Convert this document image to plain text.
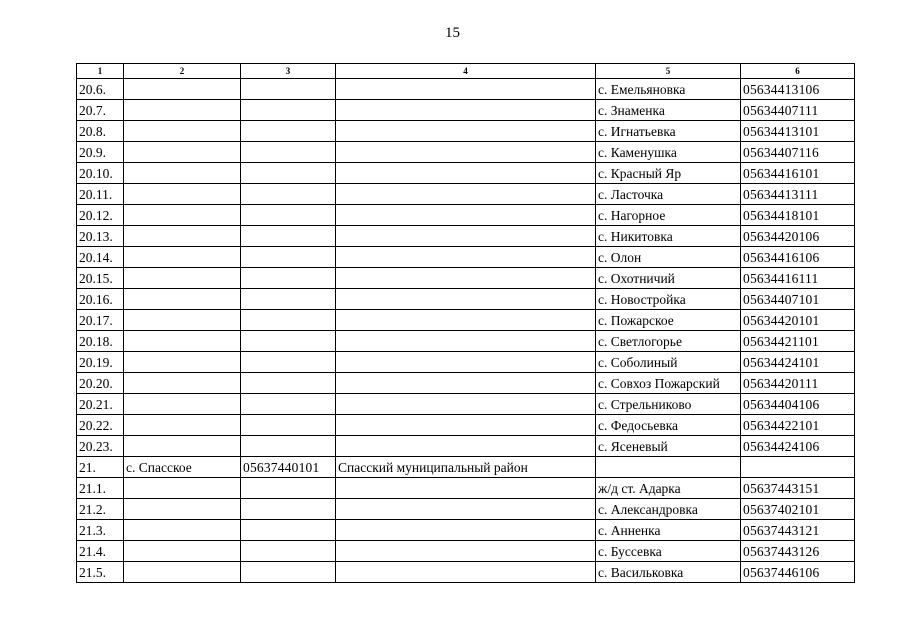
15
1	2	3	4	5	6
20.6.				с. Емельяновка	05634413106
20.7.				с. Знаменка	05634407111
20.8.				с. Игнатьевка	05634413101
20.9.				с. Каменушка	05634407116
20.10.				с. Красный Яр	05634416101
20.11.				с. Ласточка	05634413111
20.12.				с. Нагорное	05634418101
20.13.				с. Никитовка	05634420106
20.14.				с. Олон	05634416106
20.15.				с. Охотничий	05634416111
20.16.				с. Новостройка	05634407101
20.17.				с. Пожарское	05634420101
20.18.				с. Светлогорье	05634421101
20.19.				с. Соболиный	05634424101
20.20.				с. Совхоз Пожарский	05634420111
20.21.				с. Стрельниково	05634404106
20.22.				с. Федосьевка	05634422101
20.23.				с. Ясеневый	05634424106
21.	с. Спасское	05637440101	Спасский муниципальный район		
21.1.				ж/д ст. Адарка	05637443151
21.2.				с. Александровка	05637402101
21.3.				с. Анненка	05637443121
21.4.				с. Буссевка	05637443126
21.5.				с. Васильковка	05637446106
